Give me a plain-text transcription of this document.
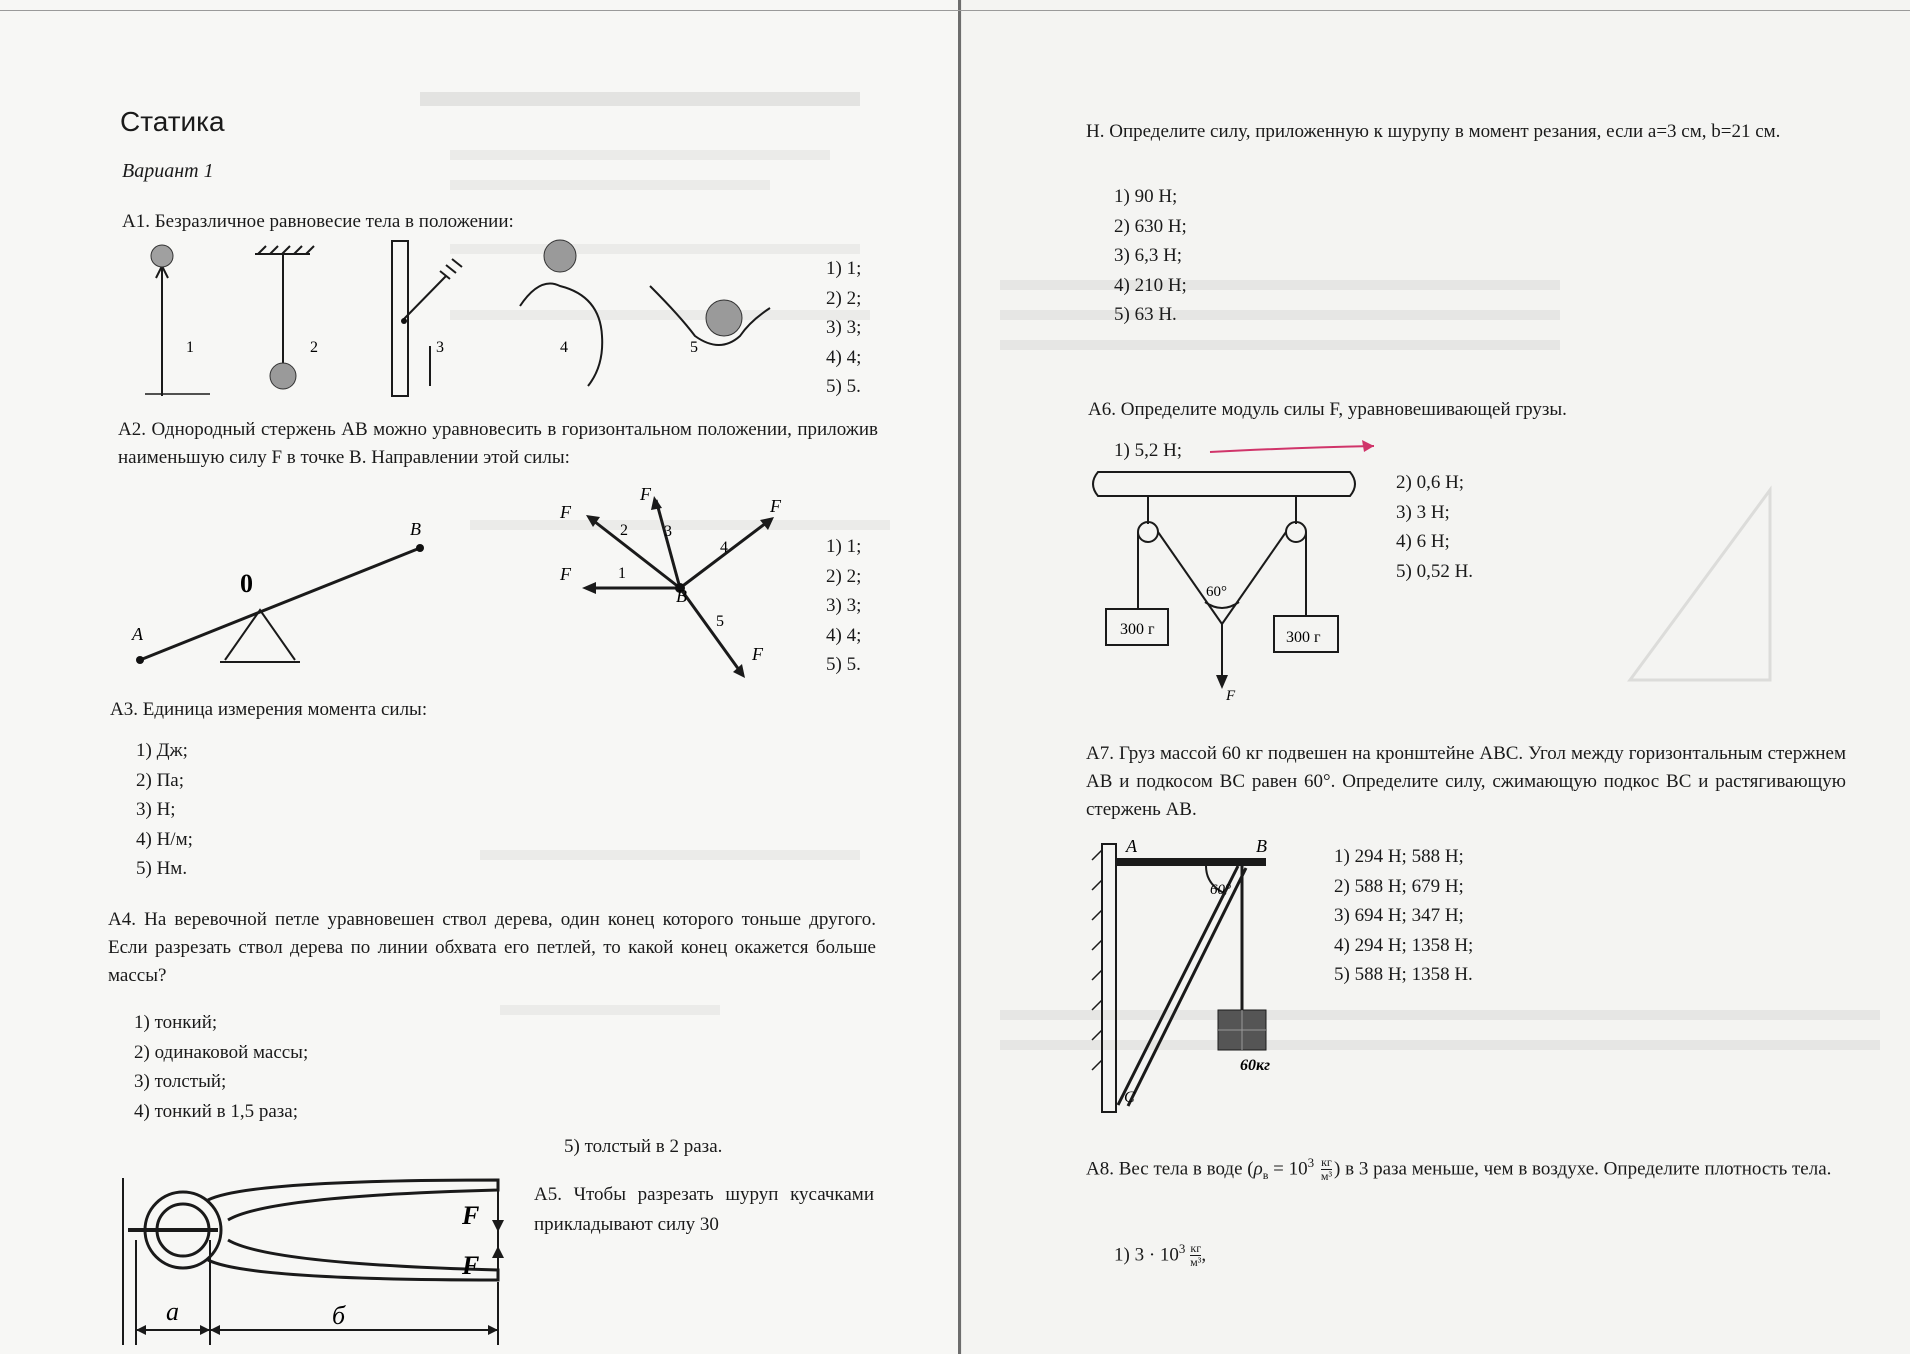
Статика
Вариант 1
А1. Безразличное равновесие тела в положении:
1	2	3	4	5
1) 1;
2) 2;
3) 3;
4) 4;
5) 5.
А2. Однородный стержень АВ можно уравновесить в горизонтальном положении, приложив наименьшую силу F в точке В. Направлении этой силы:
A
B
0	B
F	1
F
2
F
3
F
4
F
5
1) 1;
2) 2;
3) 3;
4) 4;
5) 5.
А3. Единица измерения момента силы:
1) Дж;
2) Па;
3) Н;
4) Н/м;
5) Нм.
А4. На веревочной петле уравновешен ствол дерева, один конец которого тоньше другого. Если разрезать ствол дерева по линии обхвата его петлей, то какой конец окажется больше массы?
1) тонкий;
2) одинаковой массы;
3) толстый;
4) тонкий в 1,5 раза;
5) толстый в 2 раза.
F
F
a	б
А5. Чтобы разрезать шуруп кусачками прикладывают силу 30
Н. Определите силу, приложенную к шурупу в момент резания, если a=3 см, b=21 см.
1) 90 Н;
2) 630 Н;
3) 6,3 Н;
4) 210 Н;
5) 63 Н.
А6. Определите модуль силы F, уравновешивающей грузы.
1) 5,2 Н;
300 г	300 г
60°
F
2) 0,6 Н;
3) 3 Н;
4) 6 Н;
5) 0,52 Н.
А7. Груз массой 60 кг подвешен на кронштейне АВС. Угол между горизонтальным стержнем АВ и подкосом ВС равен 60°. Определите силу, сжимающую подкос ВС и растягивающую стержень АВ.
A	B
C
60°
60кг
1) 294 Н; 588 Н;
2) 588 Н; 679 Н;
3) 694 Н; 347 Н;
4) 294 Н; 1358 Н;
5) 588 Н; 1358 Н.
А8. Вес тела в воде ($\rho_в = 10^3$ кг
м³ ) в 3 раза меньше, чем в воздухе. Определите плотность тела.
1) $3 \cdot 10^3$ кг
м³ ,
